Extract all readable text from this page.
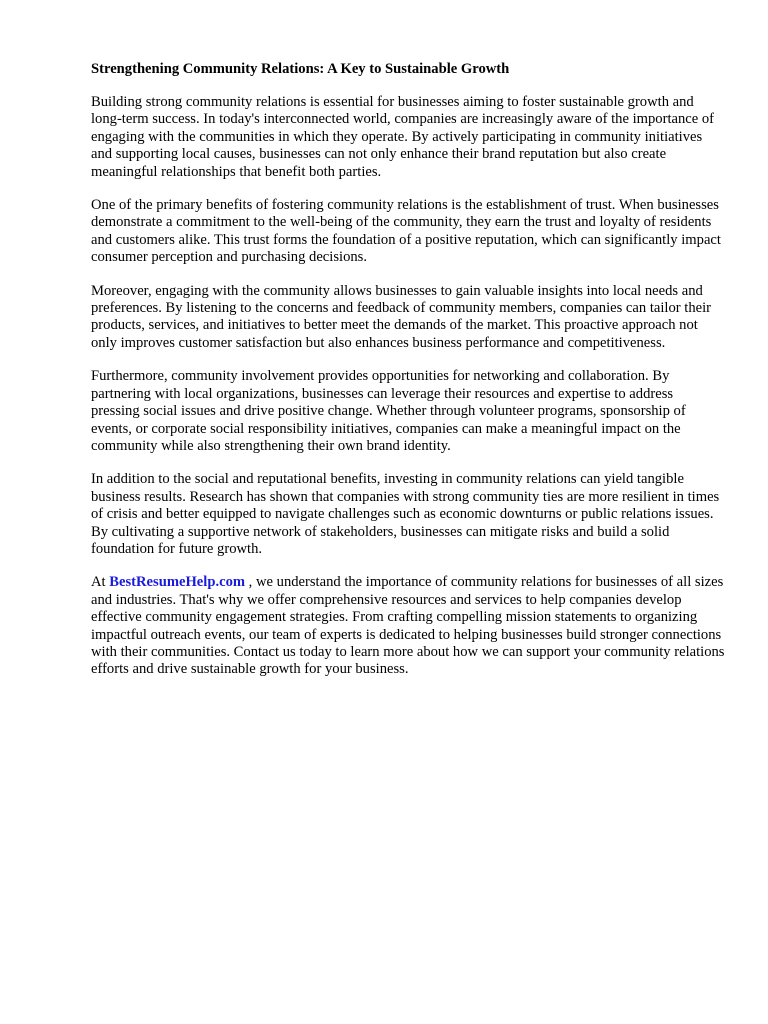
Strengthening Community Relations: A Key to Sustainable Growth

Building strong community relations is essential for businesses aiming to foster sustainable growth and long-term success. In today's interconnected world, companies are increasingly aware of the importance of engaging with the communities in which they operate. By actively participating in community initiatives and supporting local causes, businesses can not only enhance their brand reputation but also create meaningful relationships that benefit both parties.

One of the primary benefits of fostering community relations is the establishment of trust. When businesses demonstrate a commitment to the well-being of the community, they earn the trust and loyalty of residents and customers alike. This trust forms the foundation of a positive reputation, which can significantly impact consumer perception and purchasing decisions.

Moreover, engaging with the community allows businesses to gain valuable insights into local needs and preferences. By listening to the concerns and feedback of community members, companies can tailor their products, services, and initiatives to better meet the demands of the market. This proactive approach not only improves customer satisfaction but also enhances business performance and competitiveness.

Furthermore, community involvement provides opportunities for networking and collaboration. By partnering with local organizations, businesses can leverage their resources and expertise to address pressing social issues and drive positive change. Whether through volunteer programs, sponsorship of events, or corporate social responsibility initiatives, companies can make a meaningful impact on the community while also strengthening their own brand identity.

In addition to the social and reputational benefits, investing in community relations can yield tangible business results. Research has shown that companies with strong community ties are more resilient in times of crisis and better equipped to navigate challenges such as economic downturns or public relations issues. By cultivating a supportive network of stakeholders, businesses can mitigate risks and build a solid foundation for future growth.

At BestResumeHelp.com , we understand the importance of community relations for businesses of all sizes and industries. That's why we offer comprehensive resources and services to help companies develop effective community engagement strategies. From crafting compelling mission statements to organizing impactful outreach events, our team of experts is dedicated to helping businesses build stronger connections with their communities. Contact us today to learn more about how we can support your community relations efforts and drive sustainable growth for your business.
